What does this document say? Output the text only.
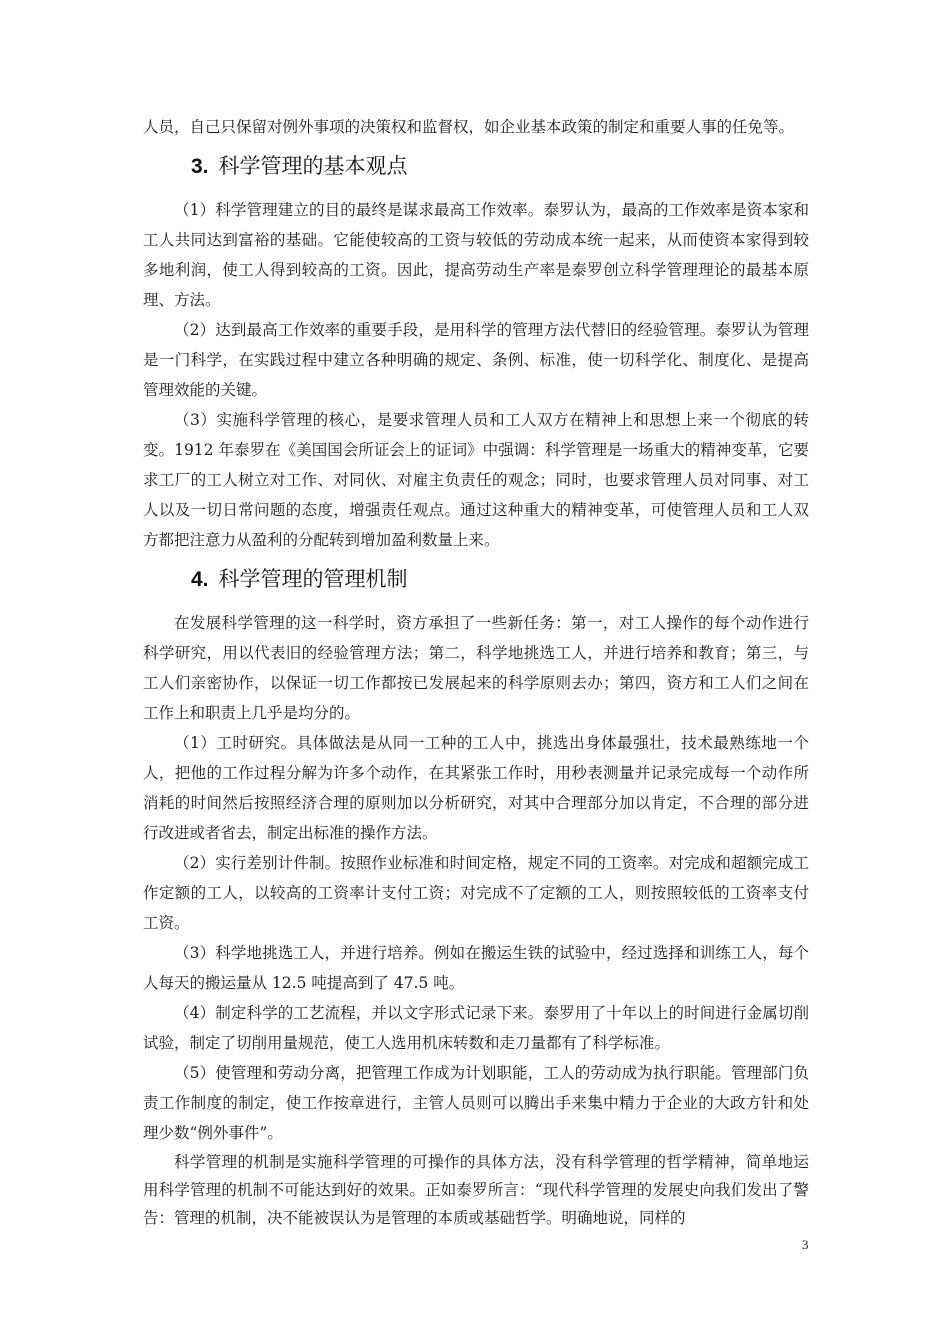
人员，自己只保留对例外事项的决策权和监督权，如企业基本政策的制定和重要人事的任免等。

3. 科学管理的基本观点

（1）科学管理建立的目的最终是谋求最高工作效率。泰罗认为，最高的工作效率是资本家和工人共同达到富裕的基础。它能使较高的工资与较低的劳动成本统一起来，从而使资本家得到较多地利润，使工人得到较高的工资。因此，提高劳动生产率是泰罗创立科学管理理论的最基本原理、方法。

（2）达到最高工作效率的重要手段，是用科学的管理方法代替旧的经验管理。泰罗认为管理是一门科学，在实践过程中建立各种明确的规定、条例、标准，使一切科学化、制度化、是提高管理效能的关键。

（3）实施科学管理的核心，是要求管理人员和工人双方在精神上和思想上来一个彻底的转变。1912 年泰罗在《美国国会所证会上的证词》中强调：科学管理是一场重大的精神变革，它要求工厂的工人树立对工作、对同伙、对雇主负责任的观念；同时，也要求管理人员对同事、对工人以及一切日常问题的态度，增强责任观点。通过这种重大的精神变革，可使管理人员和工人双方都把注意力从盈利的分配转到增加盈利数量上来。

4. 科学管理的管理机制

在发展科学管理的这一科学时，资方承担了一些新任务：第一，对工人操作的每个动作进行科学研究，用以代表旧的经验管理方法；第二，科学地挑选工人，并进行培养和教育；第三，与工人们亲密协作，以保证一切工作都按已发展起来的科学原则去办；第四，资方和工人们之间在工作上和职责上几乎是均分的。

（1）工时研究。具体做法是从同一工种的工人中，挑选出身体最强壮，技术最熟练地一个人，把他的工作过程分解为许多个动作，在其紧张工作时，用秒表测量并记录完成每一个动作所消耗的时间然后按照经济合理的原则加以分析研究，对其中合理部分加以肯定，不合理的部分进行改进或者省去，制定出标准的操作方法。

（2）实行差别计件制。按照作业标准和时间定格，规定不同的工资率。对完成和超额完成工作定额的工人，以较高的工资率计支付工资；对完成不了定额的工人，则按照较低的工资率支付工资。

（3）科学地挑选工人，并进行培养。例如在搬运生铁的试验中，经过选择和训练工人，每个人每天的搬运量从 12.5 吨提高到了 47.5 吨。

（4）制定科学的工艺流程，并以文字形式记录下来。泰罗用了十年以上的时间进行金属切削试验，制定了切削用量规范，使工人选用机床转数和走刀量都有了科学标准。

（5）使管理和劳动分离，把管理工作成为计划职能，工人的劳动成为执行职能。管理部门负责工作制度的制定，使工作按章进行，主管人员则可以腾出手来集中精力于企业的大政方针和处理少数“例外事件”。

科学管理的机制是实施科学管理的可操作的具体方法，没有科学管理的哲学精神，简单地运用科学管理的机制不可能达到好的效果。正如泰罗所言：“现代科学管理的发展史向我们发出了警告：管理的机制，决不能被误认为是管理的本质或基础哲学。明确地说，同样的

3
